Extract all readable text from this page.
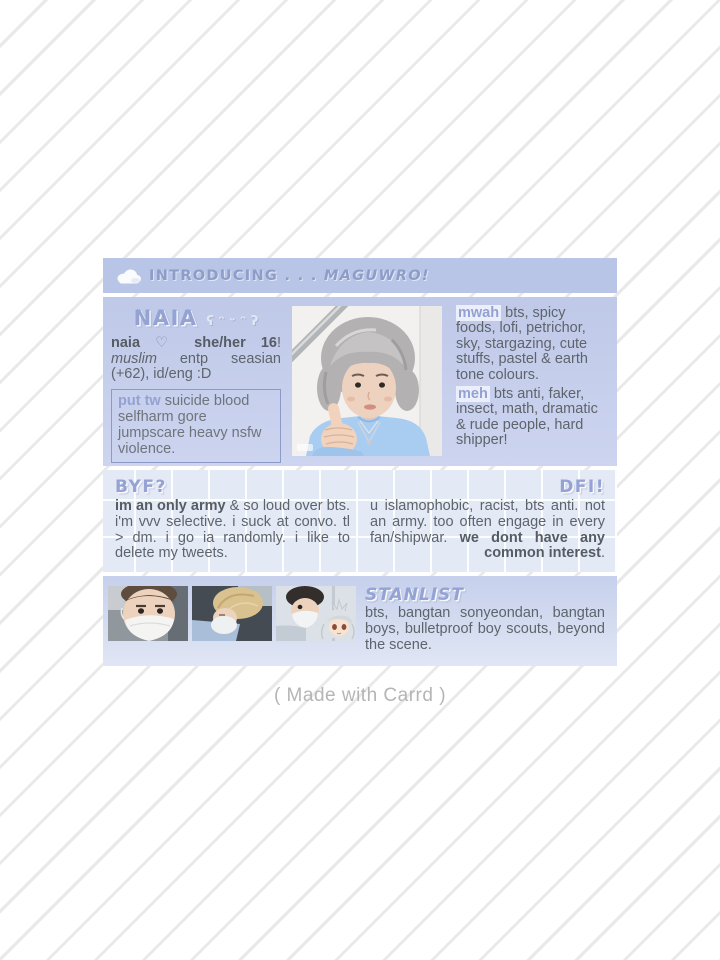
INTRODUCING . . . MAGUWRO!
NAIA ʕ ᵔ ᵕ ᵔ ʔ

naia ♡ she/her 16! muslim entp seasian (+62), id/eng :D

put tw suicide blood selfharm gore jumpscare heavy nsfw violence.

mwah bts, spicy foods, lofi, petrichor, sky, stargazing, cute stuffs, pastel & earth tone colours.

meh bts anti, faker, insect, math, dramatic & rude people, hard shipper!

BYF?

im an only army & so loud over bts. i'm vvv selective. i suck at convo. tl > dm. i go ia randomly. i like to delete my tweets.

DFI!

u islamophobic, racist, bts anti. not an army. too often engage in every fan/shipwar. we dont have any common interest.

STANLIST

bts, bangtan sonyeondan, bangtan boys, bulletproof boy scouts, beyond the scene.

( Made with Carrd )
